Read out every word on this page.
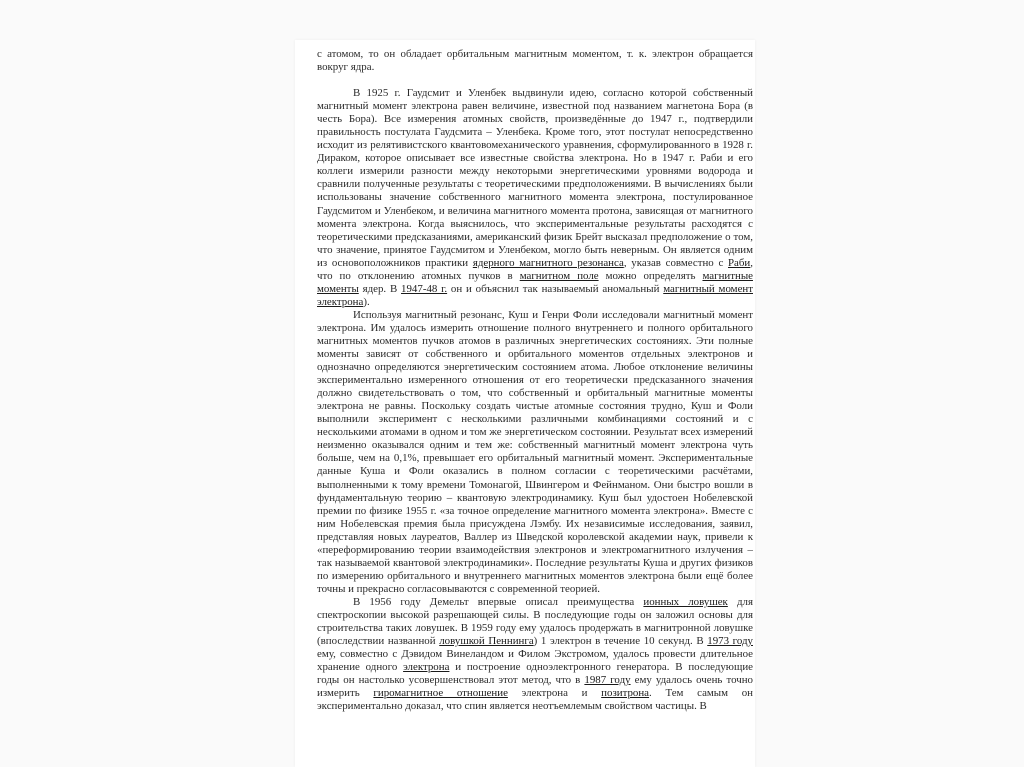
с атомом, то он обладает орбитальным магнитным моментом, т. к. электрон обращается вокруг ядра.

В 1925 г. Гаудсмит и Уленбек выдвинули идею, согласно которой собственный магнитный момент электрона равен величине, известной под названием магнетона Бора (в честь Бора). Все измерения атомных свойств, произведённые до 1947 г., подтвердили правильность постулата Гаудсмита – Уленбека. Кроме того, этот постулат непосредственно исходит из релятивистского квантовомеханического уравнения, сформулированного в 1928 г. Дираком, которое описывает все известные свойства электрона. Но в 1947 г. Раби и его коллеги измерили разности между некоторыми энергетическими уровнями водорода и сравнили полученные результаты с теоретическими предположениями. В вычислениях были использованы значение собственного магнитного момента электрона, постулированное Гаудсмитом и Уленбеком, и величина магнитного момента протона, зависящая от магнитного момента электрона. Когда выяснилось, что экспериментальные результаты расходятся с теоретическими предсказаниями, американский физик Брейт высказал предположение о том, что значение, принятое Гаудсмитом и Уленбеком, могло быть неверным. Он является одним из основоположников практики ядерного магнитного резонанса, указав совместно с Раби, что по отклонению атомных пучков в магнитном поле можно определять магнитные моменты ядер. В 1947-48 г. он и объяснил так называемый аномальный магнитный момент электрона).

Используя магнитный резонанс, Куш и Генри Фоли исследовали магнитный момент электрона. Им удалось измерить отношение полного внутреннего и полного орбитального магнитных моментов пучков атомов в различных энергетических состояниях. Эти полные моменты зависят от собственного и орбитального моментов отдельных электронов и однозначно определяются энергетическим состоянием атома. Любое отклонение величины экспериментально измеренного отношения от его теоретически предсказанного значения должно свидетельствовать о том, что собственный и орбитальный магнитные моменты электрона не равны. Поскольку создать чистые атомные состояния трудно, Куш и Фоли выполнили эксперимент с несколькими различными комбинациями состояний и с несколькими атомами в одном и том же энергетическом состоянии. Результат всех измерений неизменно оказывался одним и тем же: собственный магнитный момент электрона чуть больше, чем на 0,1%, превышает его орбитальный магнитный момент. Экспериментальные данные Куша и Фоли оказались в полном согласии с теоретическими расчётами, выполненными к тому времени Томонагой, Швингером и Фейнманом. Они быстро вошли в фундаментальную теорию – квантовую электродинамику. Куш был удостоен Нобелевской премии по физике 1955 г. «за точное определение магнитного момента электрона». Вместе с ним Нобелевская премия была присуждена Лэмбу. Их независимые исследования, заявил, представляя новых лауреатов, Валлер из Шведской королевской академии наук, привели к «переформированию теории взаимодействия электронов и электромагнитного излучения – так называемой квантовой электродинамики». Последние результаты Куша и других физиков по измерению орбитального и внутреннего магнитных моментов электрона были ещё более точны и прекрасно согласовываются с современной теорией.

В 1956 году Демельт впервые описал преимущества ионных ловушек для спектроскопии высокой разрешающей силы. В последующие годы он заложил основы для строительства таких ловушек. В 1959 году ему удалось продержать в магнитронной ловушке (впоследствии названной ловушкой Пеннинга) 1 электрон в течение 10 секунд. В 1973 году ему, совместно с Дэвидом Винеландом и Филом Экстромом, удалось провести длительное хранение одного электрона и построение одноэлектронного генератора. В последующие годы он настолько усовершенствовал этот метод, что в 1987 году ему удалось очень точно измерить гиромагнитное отношение электрона и позитрона. Тем самым он экспериментально доказал, что спин является неотъемлемым свойством частицы. В
